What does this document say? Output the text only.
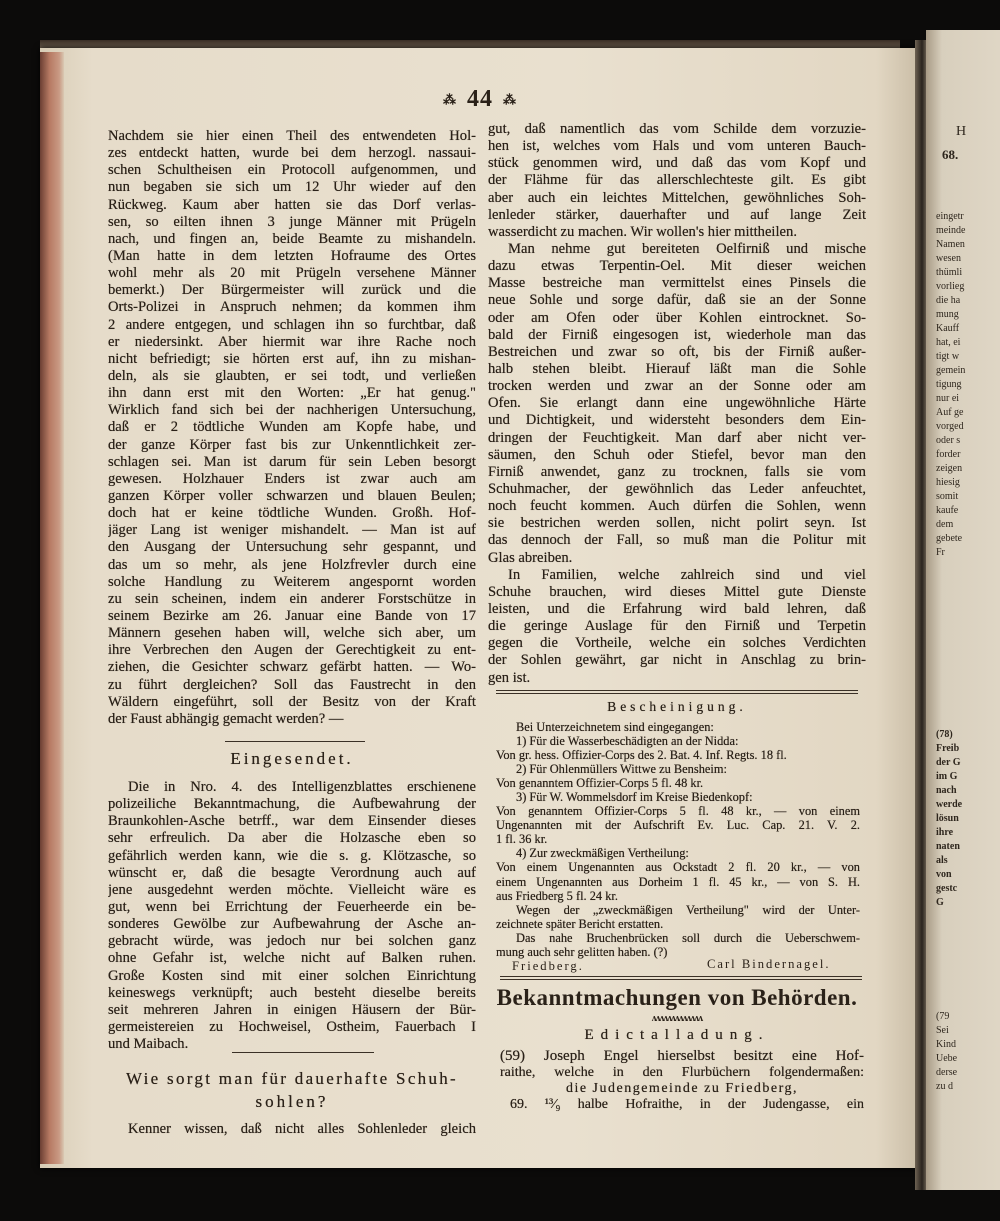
H
68.
eingetr
meinde
Namen
wesen
thümli
vorlieg
die ha
mung
Kauff
hat, ei
tigt w
gemein
tigung
nur ei
Auf ge
vorged
oder s
forder
zeigen
hiesig
somit
kaufe
dem
gebete
Fr
(78)
Freib
der G
im G
nach
werde
lösun
ihre
naten
als
von
gestc
G
(79
Sei
Kind
Uebe
derse
zu d
⁂ 44 ⁂
Nachdem sie hier einen Theil des entwendeten Hol-
zes entdeckt hatten, wurde bei dem herzogl. nassaui-
schen Schultheisen ein Protocoll aufgenommen, und
nun begaben sie sich um 12 Uhr wieder auf den
Rückweg. Kaum aber hatten sie das Dorf verlas-
sen, so eilten ihnen 3 junge Männer mit Prügeln
nach, und fingen an, beide Beamte zu mishandeln.
(Man hatte in dem letzten Hofraume des Ortes
wohl mehr als 20 mit Prügeln versehene Männer
bemerkt.) Der Bürgermeister will zurück und die
Orts-Polizei in Anspruch nehmen; da kommen ihm
2 andere entgegen, und schlagen ihn so furchtbar, daß
er niedersinkt. Aber hiermit war ihre Rache noch
nicht befriedigt; sie hörten erst auf, ihn zu mishan-
deln, als sie glaubten, er sei todt, und verließen
ihn dann erst mit den Worten: „Er hat genug."
Wirklich fand sich bei der nachherigen Untersuchung,
daß er 2 tödtliche Wunden am Kopfe habe, und
der ganze Körper fast bis zur Unkenntlichkeit zer-
schlagen sei. Man ist darum für sein Leben besorgt
gewesen. Holzhauer Enders ist zwar auch am
ganzen Körper voller schwarzen und blauen Beulen;
doch hat er keine tödtliche Wunden. Großh. Hof-
jäger Lang ist weniger mishandelt. — Man ist auf
den Ausgang der Untersuchung sehr gespannt, und
das um so mehr, als jene Holzfrevler durch eine
solche Handlung zu Weiterem angespornt worden
zu sein scheinen, indem ein anderer Forstschütze in
seinem Bezirke am 26. Januar eine Bande von 17
Männern gesehen haben will, welche sich aber, um
ihre Verbrechen den Augen der Gerechtigkeit zu ent-
ziehen, die Gesichter schwarz gefärbt hatten. — Wo-
zu führt dergleichen? Soll das Faustrecht in den
Wäldern eingeführt, soll der Besitz von der Kraft
der Faust abhängig gemacht werden? —
Eingesendet.
Die in Nro. 4. des Intelligenzblattes erschienene
polizeiliche Bekanntmachung, die Aufbewahrung der
Braunkohlen-Asche betrff., war dem Einsender dieses
sehr erfreulich. Da aber die Holzasche eben so
gefährlich werden kann, wie die s. g. Klötzasche, so
wünscht er, daß die besagte Verordnung auch auf
jene ausgedehnt werden möchte. Vielleicht wäre es
gut, wenn bei Errichtung der Feuerheerde ein be-
sonderes Gewölbe zur Aufbewahrung der Asche an-
gebracht würde, was jedoch nur bei solchen ganz
ohne Gefahr ist, welche nicht auf Balken ruhen.
Große Kosten sind mit einer solchen Einrichtung
keineswegs verknüpft; auch besteht dieselbe bereits
seit mehreren Jahren in einigen Häusern der Bür-
germeistereien zu Hochweisel, Ostheim, Fauerbach I
und Maibach.
Wie sorgt man für dauerhafte Schuh-
sohlen?
Kenner wissen, daß nicht alles Sohlenleder gleich
gut, daß namentlich das vom Schilde dem vorzuzie-
hen ist, welches vom Hals und vom unteren Bauch-
stück genommen wird, und daß das vom Kopf und
der Flähme für das allerschlechteste gilt. Es gibt
aber auch ein leichtes Mittelchen, gewöhnliches Soh-
lenleder stärker, dauerhafter und auf lange Zeit
wasserdicht zu machen. Wir wollen's hier mittheilen.
Man nehme gut bereiteten Oelfirniß und mische
dazu etwas Terpentin-Oel. Mit dieser weichen
Masse bestreiche man vermittelst eines Pinsels die
neue Sohle und sorge dafür, daß sie an der Sonne
oder am Ofen oder über Kohlen eintrocknet. So-
bald der Firniß eingesogen ist, wiederhole man das
Bestreichen und zwar so oft, bis der Firniß außer-
halb stehen bleibt. Hierauf läßt man die Sohle
trocken werden und zwar an der Sonne oder am
Ofen. Sie erlangt dann eine ungewöhnliche Härte
und Dichtigkeit, und widersteht besonders dem Ein-
dringen der Feuchtigkeit. Man darf aber nicht ver-
säumen, den Schuh oder Stiefel, bevor man den
Firniß anwendet, ganz zu trocknen, falls sie vom
Schuhmacher, der gewöhnlich das Leder anfeuchtet,
noch feucht kommen. Auch dürfen die Sohlen, wenn
sie bestrichen werden sollen, nicht polirt seyn. Ist
das dennoch der Fall, so muß man die Politur mit
Glas abreiben.
In Familien, welche zahlreich sind und viel
Schuhe brauchen, wird dieses Mittel gute Dienste
leisten, und die Erfahrung wird bald lehren, daß
die geringe Auslage für den Firniß und Terpetin
gegen die Vortheile, welche ein solches Verdichten
der Sohlen gewährt, gar nicht in Anschlag zu brin-
gen ist.
Bescheinigung.
Bei Unterzeichnetem sind eingegangen:
1) Für die Wasserbeschädigten an der Nidda:
Von gr. hess. Offizier-Corps des 2. Bat. 4. Inf. Regts. 18 fl.
2) Für Ohlenmüllers Wittwe zu Bensheim:
Von genanntem Offizier-Corps 5 fl. 48 kr.
3) Für W. Wommelsdorf im Kreise Biedenkopf:
Von genanntem Offizier-Corps 5 fl. 48 kr., — von einem
Ungenannten mit der Aufschrift Ev. Luc. Cap. 21. V. 2.
1 fl. 36 kr.
4) Zur zweckmäßigen Vertheilung:
Von einem Ungenannten aus Ockstadt 2 fl. 20 kr., — von
einem Ungenannten aus Dorheim 1 fl. 45 kr., — von S. H.
aus Friedberg 5 fl. 24 kr.
Wegen der „zweckmäßigen Vertheilung" wird der Unter-
zeichnete später Bericht erstatten.
Das nahe Bruchenbrücken soll durch die Ueberschwem-
mung auch sehr gelitten haben. (?)
Friedberg.	Carl Bindernagel.
Bekanntmachungen von Behörden.
ᴧᴧᴧᴧᴧᴧᴧᴧᴧᴧᴧᴧᴧ
Edictalladung.
(59) Joseph Engel hierselbst besitzt eine Hof-
raithe, welche in den Flurbüchern folgendermaßen:
die Judengemeinde zu Friedberg,
69. ¹³⁄₉ halbe Hofraithe, in der Judengasse, ein
